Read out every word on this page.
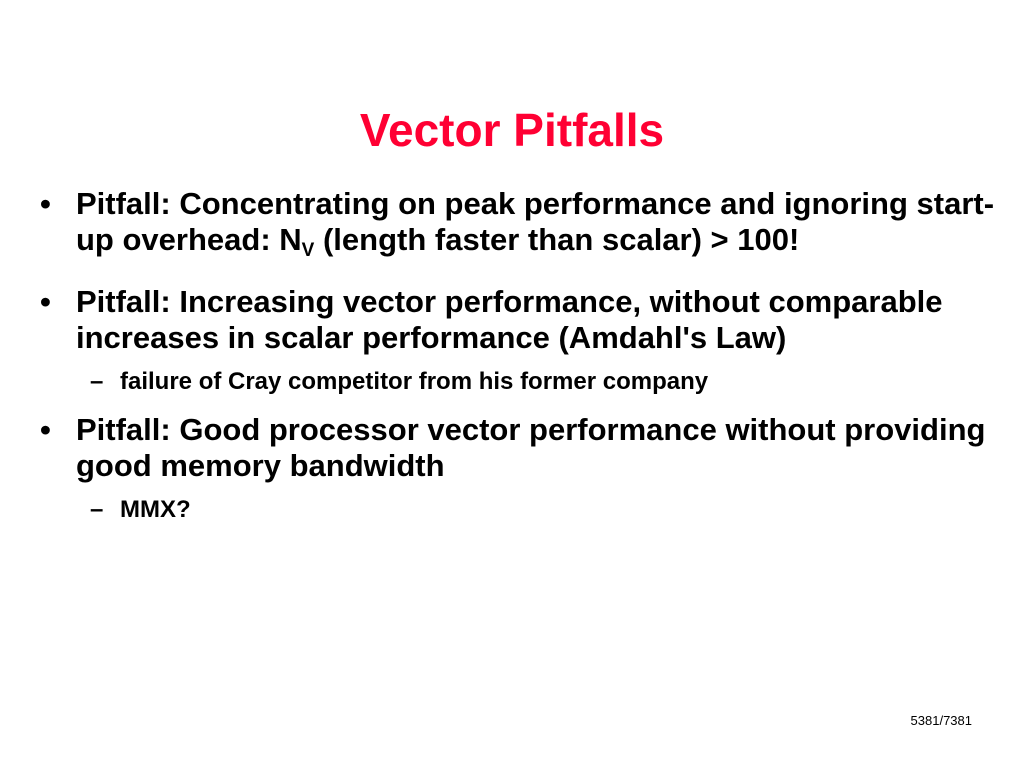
Vector Pitfalls
• Pitfall: Concentrating on peak performance and ignoring start-up overhead: $N_V$ (length faster than scalar) > 100!
• Pitfall: Increasing vector performance, without comparable increases in scalar performance (Amdahl's Law)
– failure of Cray competitor from his former company
• Pitfall: Good processor vector performance without providing good memory bandwidth
– MMX?
5381/7381
